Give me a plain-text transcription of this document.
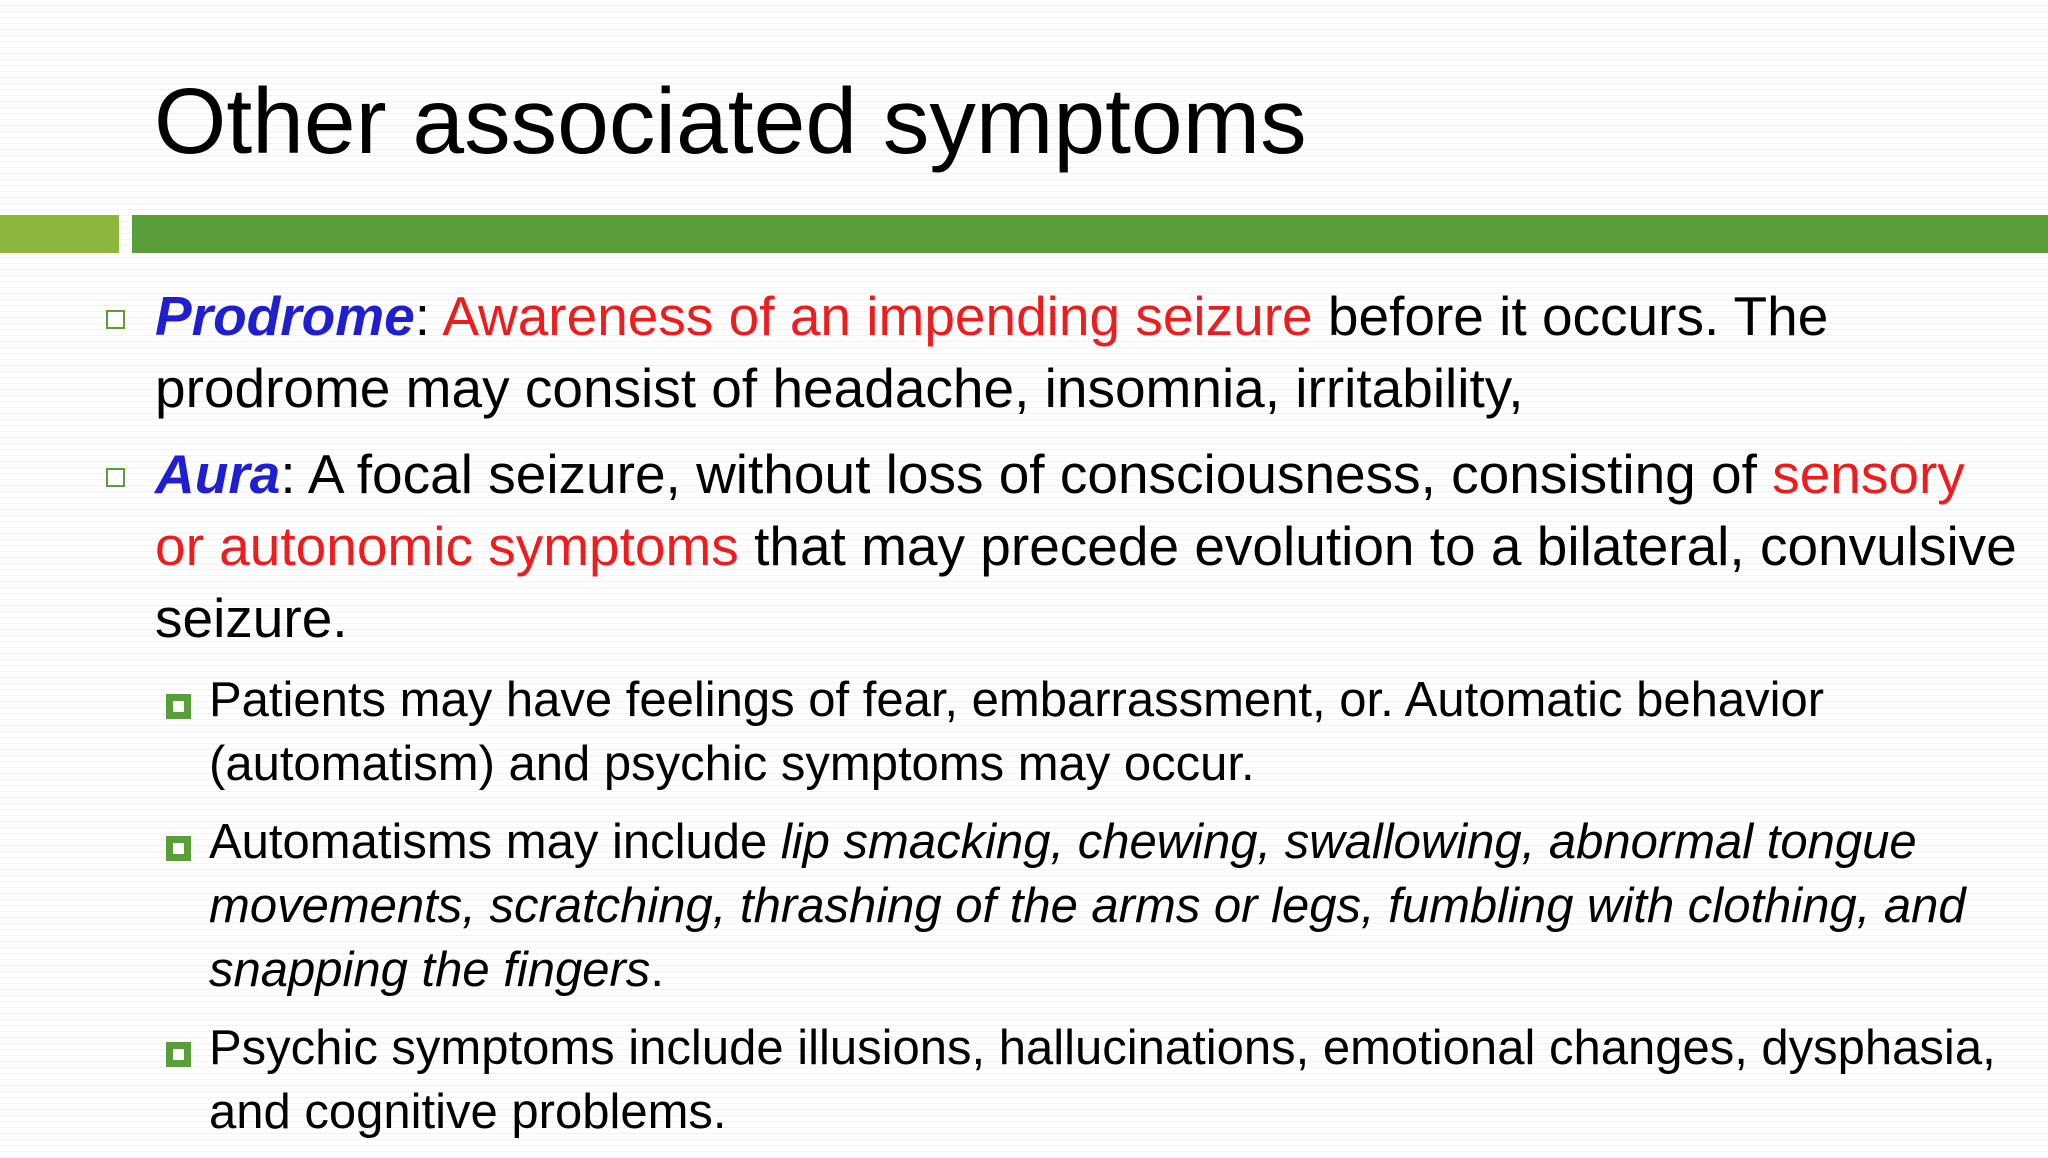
Other associated symptoms
Prodrome: Awareness of an impending seizure before it occurs. The prodrome may consist of headache, insomnia, irritability,
Aura: A focal seizure, without loss of consciousness, consisting of sensory or autonomic symptoms that may precede evolution to a bilateral, convulsive seizure.
Patients may have feelings of fear, embarrassment, or. Automatic behavior (automatism) and psychic symptoms may occur.
Automatisms may include lip smacking, chewing, swallowing, abnormal tongue movements, scratching, thrashing of the arms or legs, fumbling with clothing, and snapping the fingers.
Psychic symptoms include illusions, hallucinations, emotional changes, dysphasia, and cognitive problems.
